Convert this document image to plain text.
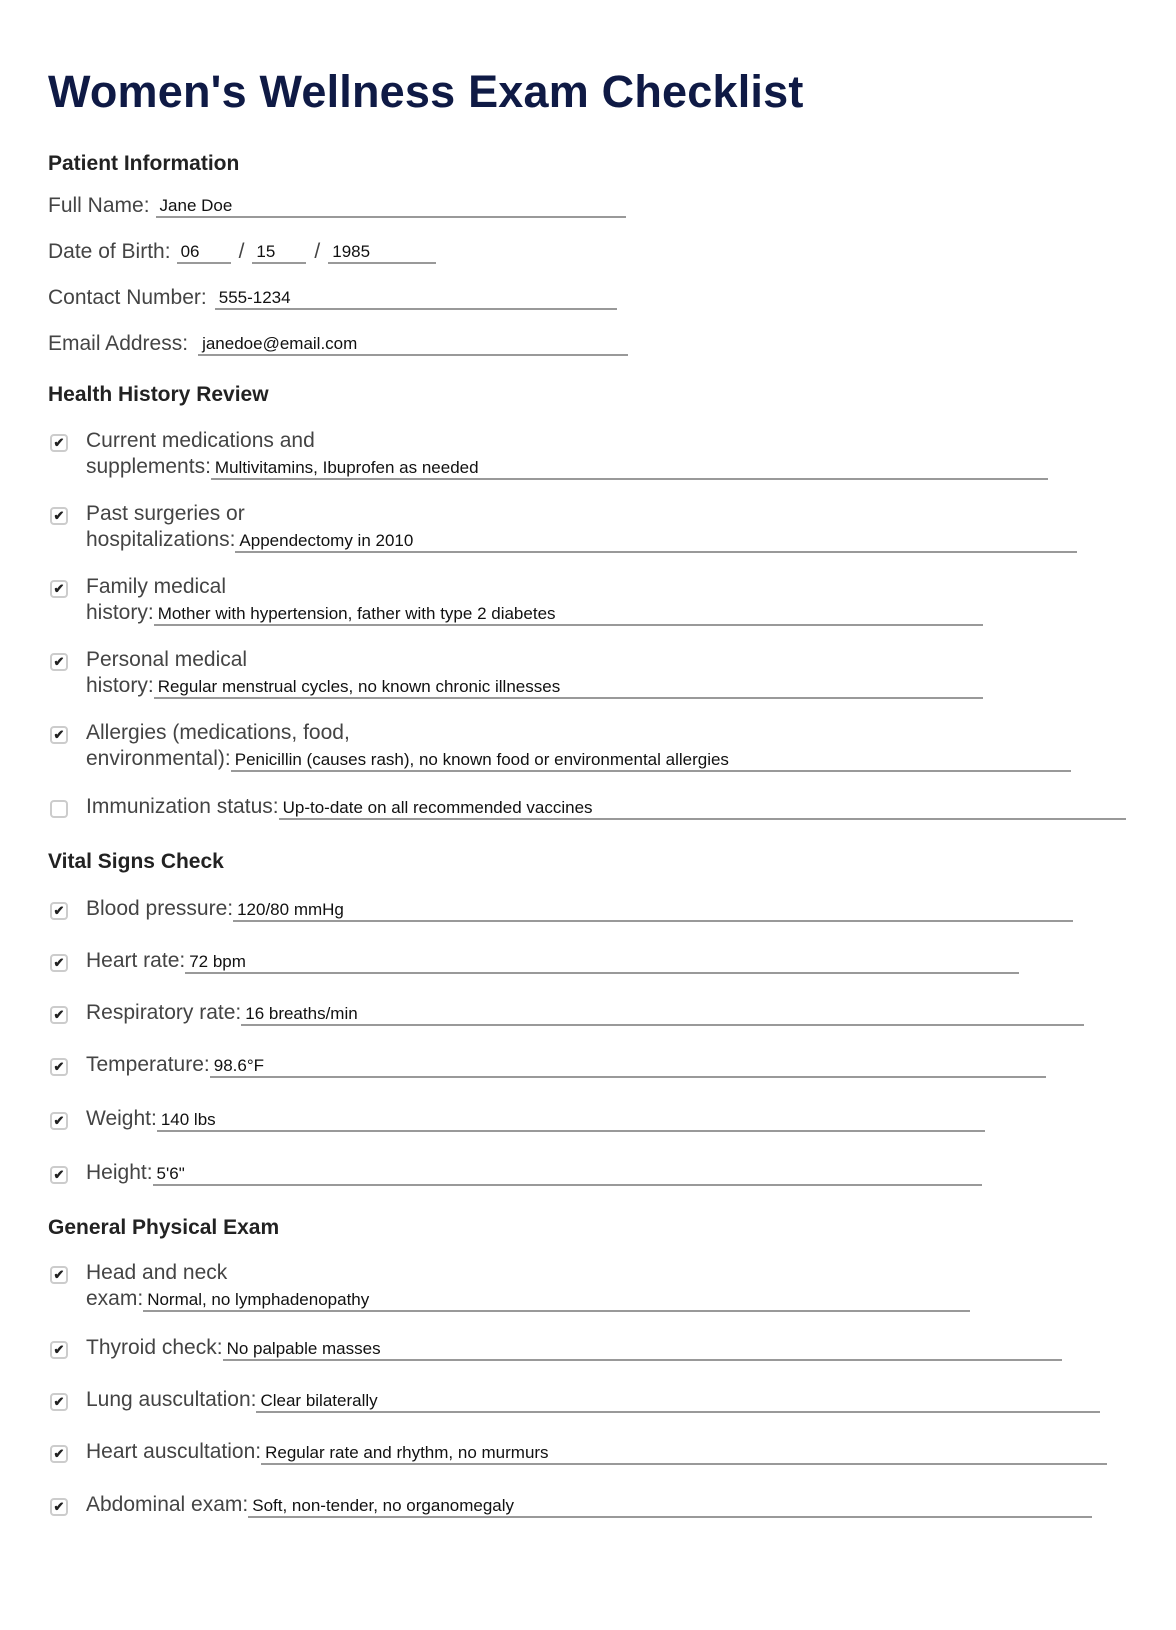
Women's Wellness Exam Checklist
Patient Information
Full Name: Jane Doe
Date of Birth: 06	/ 15	/ 1985
Contact Number: 555-1234
Email Address: janedoe@email.com
Health History Review
✔ Current medications and
supplements: Multivitamins, Ibuprofen as needed
✔ Past surgeries or
hospitalizations: Appendectomy in 2010
✔ Family medical
history: Mother with hypertension, father with type 2 diabetes
✔ Personal medical
history: Regular menstrual cycles, no known chronic illnesses
✔ Allergies (medications, food,
environmental): Penicillin (causes rash), no known food or environmental allergies
Immunization status: Up-to-date on all recommended vaccines
Vital Signs Check
✔ Blood pressure: 120/80 mmHg
✔ Heart rate: 72 bpm
✔ Respiratory rate: 16 breaths/min
✔ Temperature: 98.6°F
✔ Weight: 140 lbs
✔ Height: 5'6"
General Physical Exam
✔ Head and neck
exam: Normal, no lymphadenopathy
✔ Thyroid check: No palpable masses
✔ Lung auscultation: Clear bilaterally
✔ Heart auscultation: Regular rate and rhythm, no murmurs
✔ Abdominal exam: Soft, non-tender, no organomegaly
